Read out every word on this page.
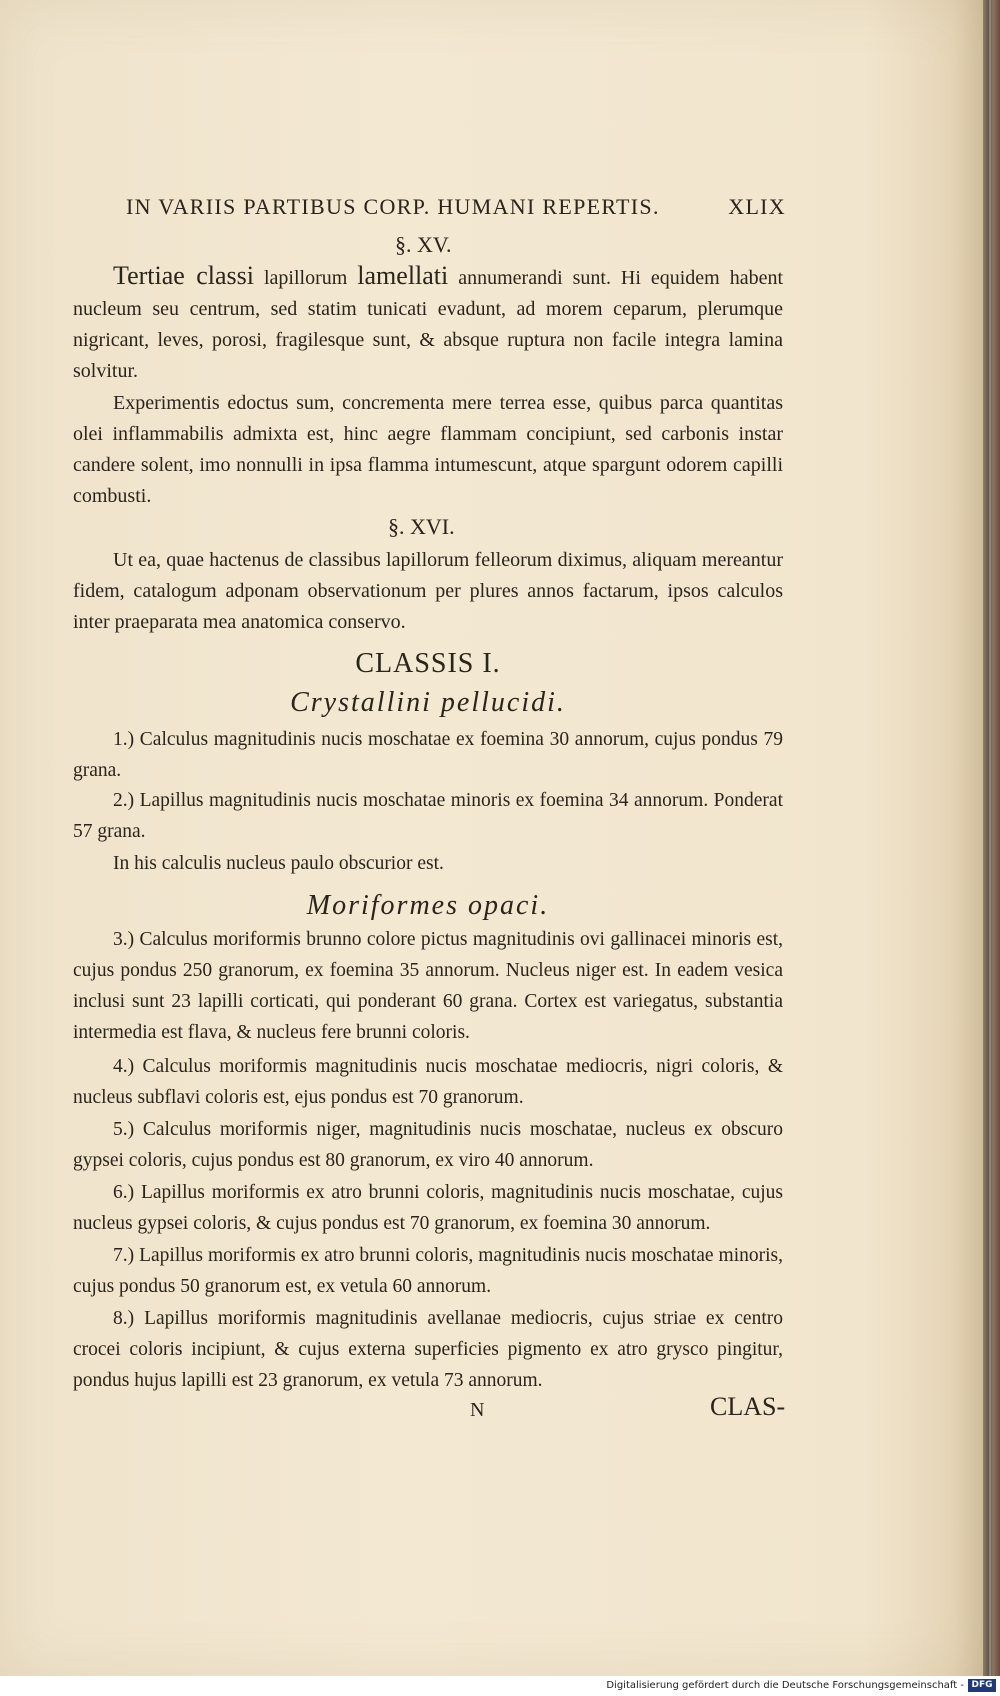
IN VARIIS PARTIBUS CORP. HUMANI REPERTIS.	XLIX
§. XV.

Tertiae classi lapillorum lamellati annumerandi sunt. Hi equidem habent nucleum seu centrum, sed statim tunicati evadunt, ad morem ceparum, plerumque nigricant, leves, porosi, fragilesque sunt, & absque ruptura non facile integra lamina solvitur.

Experimentis edoctus sum, concrementa mere terrea esse, quibus parca quantitas olei inflammabilis admixta est, hinc aegre flammam concipiunt, sed carbonis instar candere solent, imo nonnulli in ipsa flamma intumescunt, atque spargunt odorem capilli combusti.

§. XVI.

Ut ea, quae hactenus de classibus lapillorum felleorum diximus, aliquam mereantur fidem, catalogum adponam observationum per plures annos factarum, ipsos calculos inter praeparata mea anatomica conservo.

CLASSIS I.
Crystallini pellucidi.

1.) Calculus magnitudinis nucis moschatae ex foemina 30 annorum, cujus pondus 79 grana.

2.) Lapillus magnitudinis nucis moschatae minoris ex foemina 34 annorum. Ponderat 57 grana.

In his calculis nucleus paulo obscurior est.

Moriformes opaci.

3.) Calculus moriformis brunno colore pictus magnitudinis ovi gallinacei minoris est, cujus pondus 250 granorum, ex foemina 35 annorum. Nucleus niger est. In eadem vesica inclusi sunt 23 lapilli corticati, qui ponderant 60 grana. Cortex est variegatus, substantia intermedia est flava, & nucleus fere brunni coloris.

4.) Calculus moriformis magnitudinis nucis moschatae mediocris, nigri coloris, & nucleus subflavi coloris est, ejus pondus est 70 granorum.

5.) Calculus moriformis niger, magnitudinis nucis moschatae, nucleus ex obscuro gypsei coloris, cujus pondus est 80 granorum, ex viro 40 annorum.

6.) Lapillus moriformis ex atro brunni coloris, magnitudinis nucis moschatae, cujus nucleus gypsei coloris, & cujus pondus est 70 granorum, ex foemina 30 annorum.

7.) Lapillus moriformis ex atro brunni coloris, magnitudinis nucis moschatae minoris, cujus pondus 50 granorum est, ex vetula 60 annorum.

8.) Lapillus moriformis magnitudinis avellanae mediocris, cujus striae ex centro crocei coloris incipiunt, & cujus externa superficies pigmento ex atro grysco pingitur, pondus hujus lapilli est 23 granorum, ex vetula 73 annorum.

N	CLAS-
Digitalisierung gefördert durch die Deutsche Forschungsgemeinschaft - DFG
